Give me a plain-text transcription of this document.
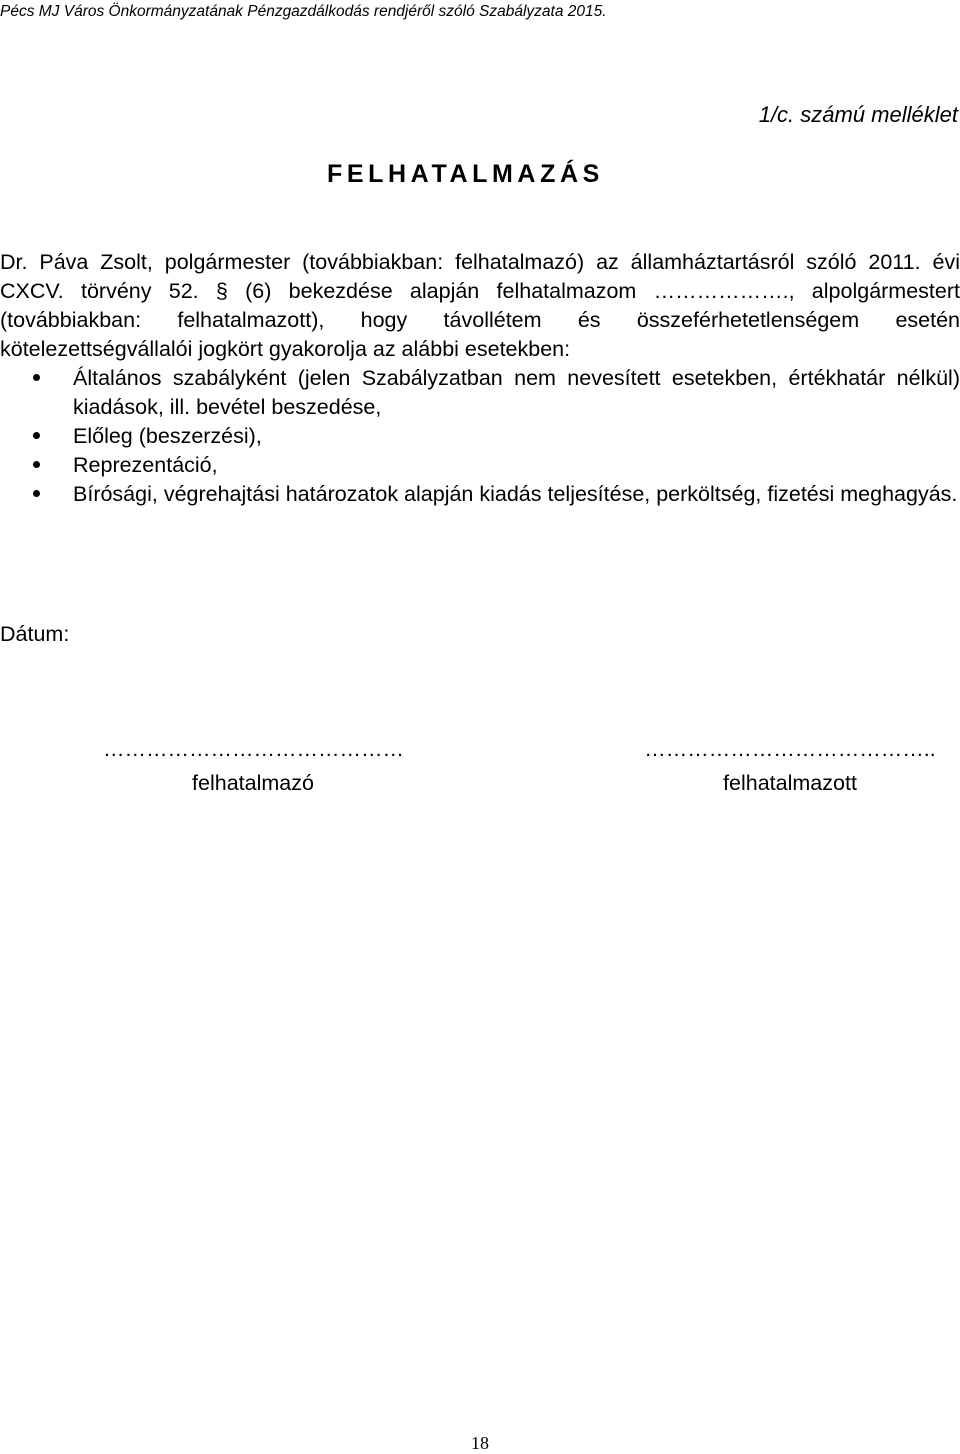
Pécs MJ Város Önkormányzatának Pénzgazdálkodás rendjéről szóló Szabályzata 2015.
1/c. számú melléklet
FELHATALMAZÁS

Dr. Páva Zsolt, polgármester (továbbiakban: felhatalmazó) az államháztartásról szóló 2011. évi CXCV. törvény 52. § (6) bekezdése alapján felhatalmazom ………………., alpolgármestert (továbbiakban: felhatalmazott), hogy távollétem és összeférhetetlenségem esetén kötelezettségvállalói jogkört gyakorolja az alábbi esetekben:

Általános szabályként (jelen Szabályzatban nem nevesített esetekben, értékhatár nélkül) kiadások, ill. bevétel beszedése,
Előleg (beszerzési),
Reprezentáció,
Bírósági, végrehajtási határozatok alapján kiadás teljesítése, perköltség, fizetési meghagyás.
Dátum:
……………………………………
felhatalmazó
…………………………………..
felhatalmazott
18
